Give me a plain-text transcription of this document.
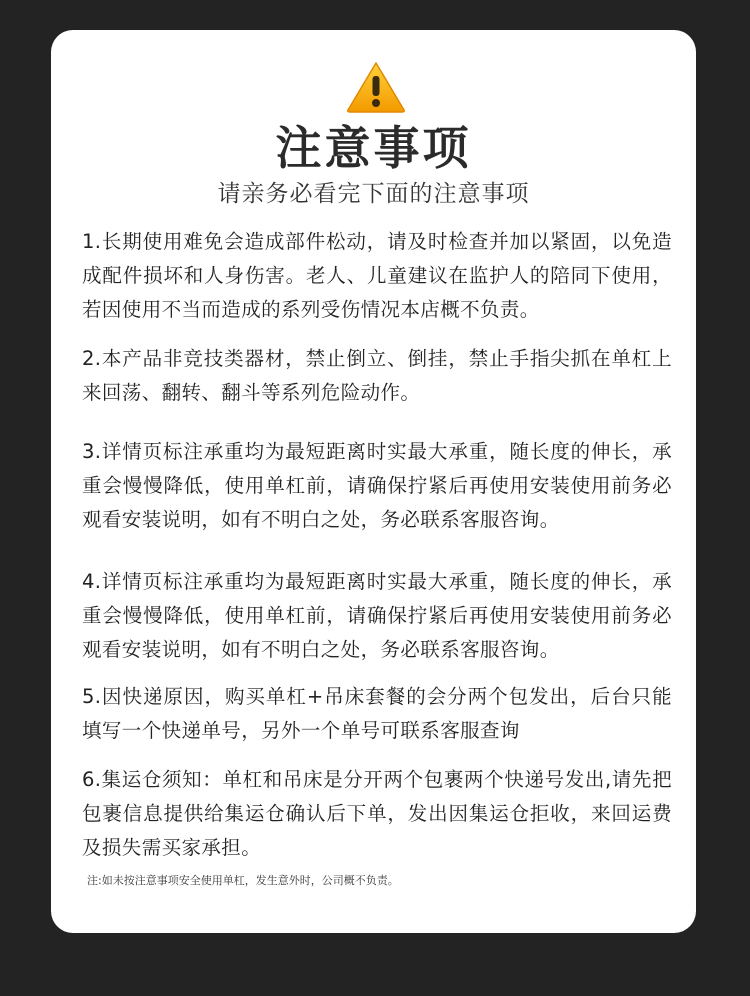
注意事项
请亲务必看完下面的注意事项
1.长期使用难免会造成部件松动，请及时检查并加以紧固，以免造成配件损坏和人身伤害。老人、儿童建议在监护人的陪同下使用，若因使用不当而造成的系列受伤情况本店概不负责。
2.本产品非竞技类器材，禁止倒立、倒挂，禁止手指尖抓在单杠上来回荡、翻转、翻斗等系列危险动作。
3.详情页标注承重均为最短距离时实最大承重，随长度的伸长，承重会慢慢降低，使用单杠前，请确保拧紧后再使用安装使用前务必观看安装说明，如有不明白之处，务必联系客服咨询。
4.详情页标注承重均为最短距离时实最大承重，随长度的伸长，承重会慢慢降低，使用单杠前，请确保拧紧后再使用安装使用前务必观看安装说明，如有不明白之处，务必联系客服咨询。
5.因快递原因，购买单杠+吊床套餐的会分两个包发出，后台只能填写一个快递单号，另外一个单号可联系客服查询
6.集运仓须知：单杠和吊床是分开两个包裹两个快递号发出,请先把包裹信息提供给集运仓确认后下单，发出因集运仓拒收，来回运费及损失需买家承担。
注:如未按注意事项安全使用单杠，发生意外时，公司概不负责。
